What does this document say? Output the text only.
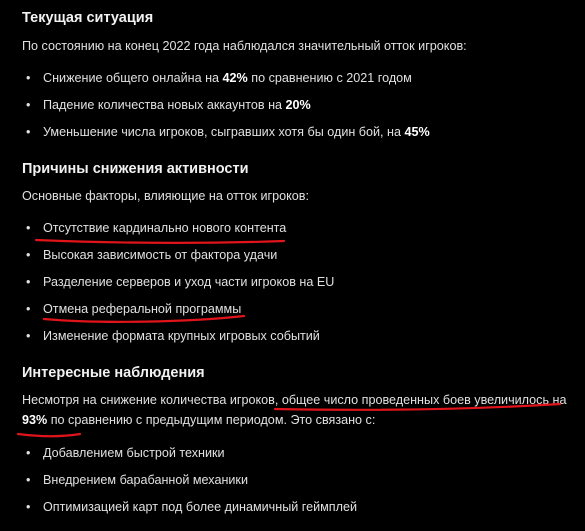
Текущая ситуация

По состоянию на конец 2022 года наблюдался значительный отток игроков:

• Снижение общего онлайна на 42% по сравнению с 2021 годом
• Падение количества новых аккаунтов на 20%
• Уменьшение числа игроков, сыгравших хотя бы один бой, на 45%
Причины снижения активности

Основные факторы, влияющие на отток игроков:

• Отсутствие кардинально нового контента
• Высокая зависимость от фактора удачи
• Разделение серверов и уход части игроков на EU
• Отмена реферальной программы
• Изменение формата крупных игровых событий
Интересные наблюдения

Несмотря на снижение количества игроков, общее число проведенных боев увеличилось на 93% по сравнению с предыдущим периодом. Это связано с:

• Добавлением быстрой техники
• Внедрением барабанной механики
• Оптимизацией карт под более динамичный геймплей
